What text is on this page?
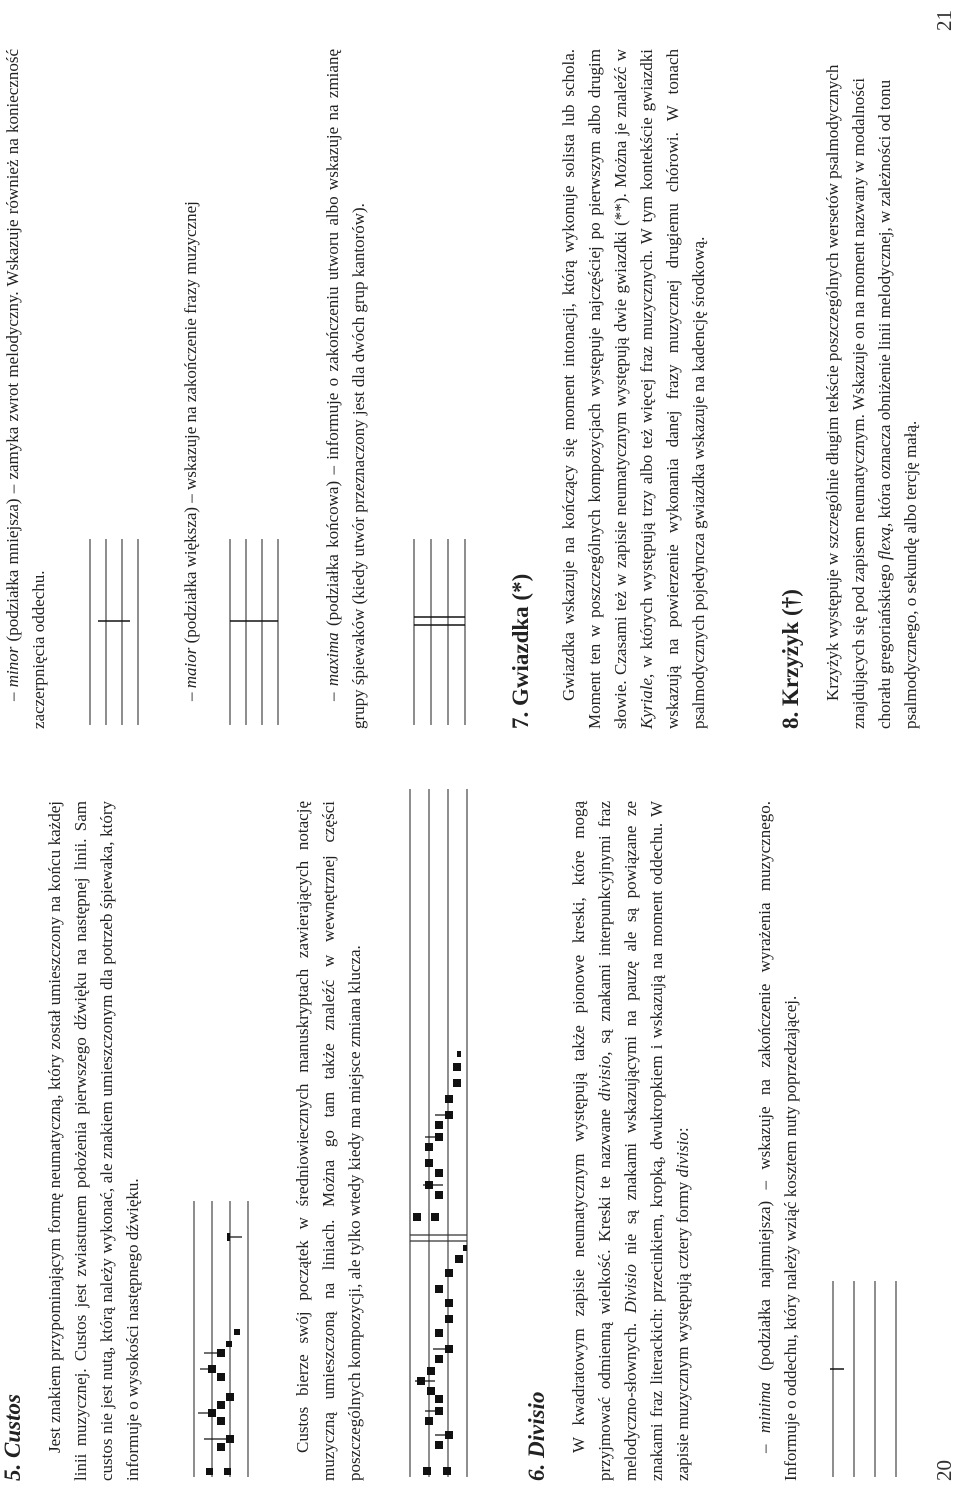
5. Custos Jest znakiem przypominającym formę neumatyczną, który został umieszczony na końcu każdej linii muzycznej. Custos jest zwiastunem położenia pierwszego dźwięku na następnej linii. Sam custos nie jest nutą, którą należy wykonać, ale znakiem umieszczonym dla potrzeb śpiewaka, który informuje o wysokości następnego dźwięku.	Custos bierze swój początek w średniowiecznych manuskryptach zawierających notację muzyczną umieszczoną na liniach. Można go tam także znaleźć w wewnętrznej części poszczególnych kompozycji, ale tylko wtedy kiedy ma miejsce zmiana klucza.	6. Divisio W kwadratowym zapisie neumatycznym występują także pionowe kreski, które mogą przyjmować odmienną wielkość. Kreski te nazwane divisio, są znakami interpunkcyjnymi fraz melodyczno-słownych. Divisio nie są znakami wskazującymi na pauzę ale są powiązane ze znakami fraz literackich: przecinkiem, kropką, dwukropkiem i wskazują na moment oddechu. W zapisie muzycznym występują cztery formy divisio:

– minima (podziałka najmniejsza) – wskazuje na zakończenie wyrażenia muzycznego. Informuje o oddechu, który należy wziąć kosztem nuty poprzedzającej.	20

– minor (podziałka mniejsza) – zamyka zwrot melodyczny. Wskazuje również na konieczność zaczerpnięcia oddechu.	– maior (podziałka większa) – wskazuje na zakończenie frazy muzycznej

– maxima (podziałka końcowa) – informuje o zakończeniu utworu albo wskazuje na zmianę grupy śpiewaków (kiedy utwór przeznaczony jest dla dwóch grup kantorów).	7. Gwiazdka (*) Gwiazdka wskazuje na kończący się moment intonacji, którą wykonuje solista lub schola. Moment ten w poszczególnych kompozycjach występuje najczęściej po pierwszym albo drugim słowie. Czasami też w zapisie neumatycznym występują dwie gwiazdki (**). Można je znaleźć w Kyriale, w których występują trzy albo też więcej fraz muzycznych. W tym kontekście gwiazdki wskazują na powierzenie wykonania danej frazy muzycznej drugiemu chórowi. W tonach psalmodycznych pojedyncza gwiazdka wskazuje na kadencję środkową.	8. Krzyżyk (†) Krzyżyk występuje w szczególnie długim tekście poszczególnych wersetów psalmodycznych znajdujących się pod zapisem neumatycznym. Wskazuje on na moment nazwany w modalności chorału gregoriańskiego flexą, która oznacza obniżenie linii melodycznej, w zależności od tonu psalmodycznego, o sekundę albo tercję małą.

21
